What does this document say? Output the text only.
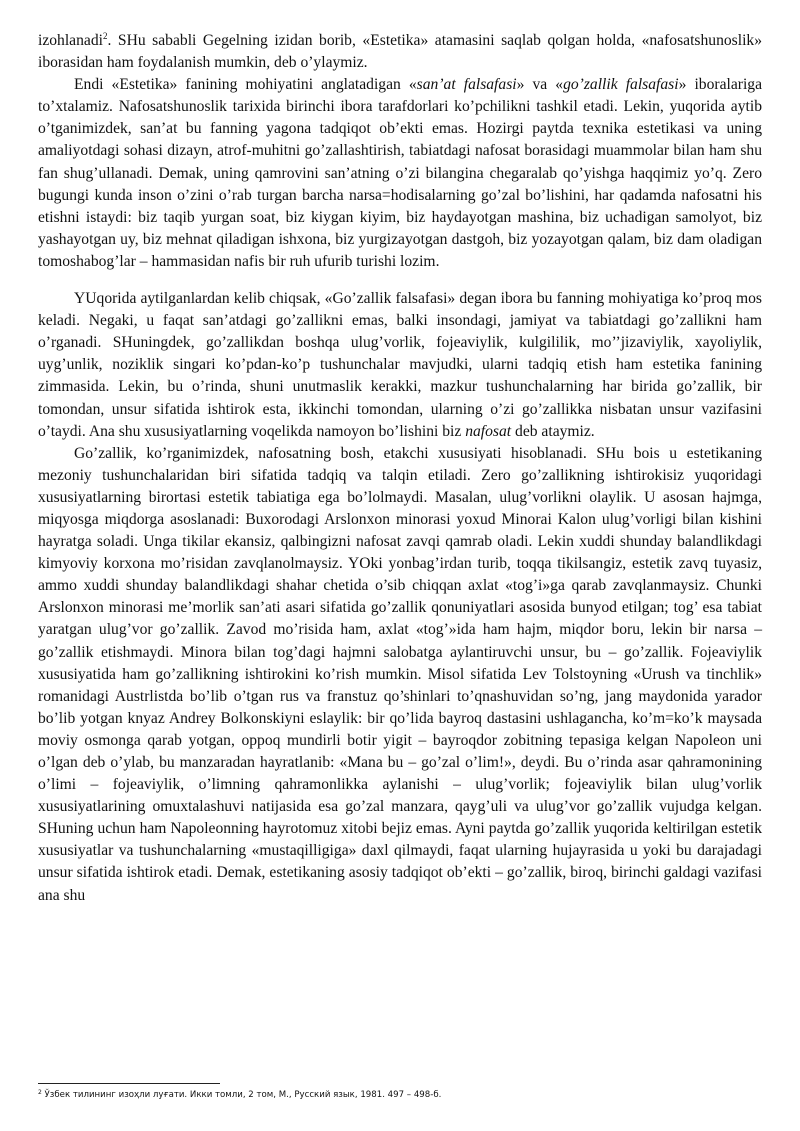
izohlanadi$^2$. SHu sababli Gegelning izidan borib, «Estetika» atamasini saqlab qolgan holda, «nafosatshunoslik» iborasidan ham foydalanish mumkin, deb o’ylaymiz.

Endi «Estetika» fanining mohiyatini anglatadigan «san’at falsafasi» va «go’zallik falsafasi» iboralariga to’xtalamiz. Nafosatshunoslik tarixida birinchi ibora tarafdorlari ko’pchilikni tashkil etadi. Lekin, yuqorida aytib o’tganimizdek, san’at bu fanning yagona tadqiqot ob’ekti emas. Hozirgi paytda texnika estetikasi va uning amaliyotdagi sohasi dizayn, atrof-muhitni go’zallashtirish, tabiatdagi nafosat borasidagi muammolar bilan ham shu fan shug’ullanadi. Demak, uning qamrovini san’atning o’zi bilangina chegaralab qo’yishga haqqimiz yo’q. Zero bugungi kunda inson o’zini o’rab turgan barcha narsa=hodisalarning go’zal bo’lishini, har qadamda nafosatni his etishni istaydi: biz taqib yurgan soat, biz kiygan kiyim, biz haydayotgan mashina, biz uchadigan samolyot, biz yashayotgan uy, biz mehnat qiladigan ishxona, biz yurgizayotgan dastgoh, biz yozayotgan qalam, biz dam oladigan tomoshabog’lar – hammasidan nafis bir ruh ufurib turishi lozim.

YUqorida aytilganlardan kelib chiqsak, «Go’zallik falsafasi» degan ibora bu fanning mohiyatiga ko’proq mos keladi. Negaki, u faqat san’atdagi go’zallikni emas, balki insondagi, jamiyat va tabiatdagi go’zallikni ham o’rganadi. SHuningdek, go’zallikdan boshqa ulug’vorlik, fojeaviylik, kulgililik, mo’’jizaviylik, xayoliylik, uyg’unlik, noziklik singari ko’pdan-ko’p tushunchalar mavjudki, ularni tadqiq etish ham estetika fanining zimmasida. Lekin, bu o’rinda, shuni unutmaslik kerakki, mazkur tushunchalarning har birida go’zallik, bir tomondan, unsur sifatida ishtirok esta, ikkinchi tomondan, ularning o’zi go’zallikka nisbatan unsur vazifasini o’taydi. Ana shu xususiyatlarning voqelikda namoyon bo’lishini biz nafosat deb ataymiz.

Go’zallik, ko’rganimizdek, nafosatning bosh, etakchi xususiyati hisoblanadi. SHu bois u estetikaning mezoniy tushunchalaridan biri sifatida tadqiq va talqin etiladi. Zero go’zallikning ishtirokisiz yuqoridagi xususiyatlarning birortasi estetik tabiatiga ega bo’lolmaydi. Masalan, ulug’vorlikni olaylik. U asosan hajmga, miqyosga miqdorga asoslanadi: Buxorodagi Arslonxon minorasi yoxud Minorai Kalon ulug’vorligi bilan kishini hayratga soladi. Unga tikilar ekansiz, qalbingizni nafosat zavqi qamrab oladi. Lekin xuddi shunday balandlikdagi kimyoviy korxona mo’risidan zavqlanolmaysiz. YOki yonbag’irdan turib, toqqa tikilsangiz, estetik zavq tuyasiz, ammo xuddi shunday balandlikdagi shahar chetida o’sib chiqqan axlat «tog’i»ga qarab zavqlanmaysiz. Chunki Arslonxon minorasi me’morlik san’ati asari sifatida go’zallik qonuniyatlari asosida bunyod etilgan; tog’ esa tabiat yaratgan ulug’vor go’zallik. Zavod mo’risida ham, axlat «tog’»ida ham hajm, miqdor boru, lekin bir narsa –go’zallik etishmaydi. Minora bilan tog’dagi hajmni salobatga aylantiruvchi unsur, bu – go’zallik. Fojeaviylik xususiyatida ham go’zallikning ishtirokini ko’rish mumkin. Misol sifatida Lev Tolstoyning «Urush va tinchlik» romanidagi Austrlistda bo’lib o’tgan rus va franstuz qo’shinlari to’qnashuvidan so’ng, jang maydonida yarador bo’lib yotgan knyaz Andrey Bolkonskiyni eslaylik: bir qo’lida bayroq dastasini ushlagancha, ko’m=ko’k maysada moviy osmonga qarab yotgan, oppoq mundirli botir yigit – bayroqdor zobitning tepasiga kelgan Napoleon uni o’lgan deb o’ylab, bu manzaradan hayratlanib: «Mana bu – go’zal o’lim!», deydi. Bu o’rinda asar qahramonining o’limi – fojeaviylik, o’limning qahramonlikka aylanishi – ulug’vorlik; fojeaviylik bilan ulug’vorlik xususiyatlarining omuxtalashuvi natijasida esa go’zal manzara, qayg’uli va ulug’vor go’zallik vujudga kelgan. SHuning uchun ham Napoleonning hayrotomuz xitobi bejiz emas. Ayni paytda go’zallik yuqorida keltirilgan estetik xususiyatlar va tushunchalarning «mustaqilligiga» daxl qilmaydi, faqat ularning hujayrasida u yoki bu darajadagi unsur sifatida ishtirok etadi. Demak, estetikaning asosiy tadqiqot ob’ekti – go’zallik, biroq, birinchi galdagi vazifasi ana shu

$^2$ Ўзбек тилининг изоҳли луғати. Икки томли, 2 том, М., Русский язык, 1981. 497 – 498-б.
